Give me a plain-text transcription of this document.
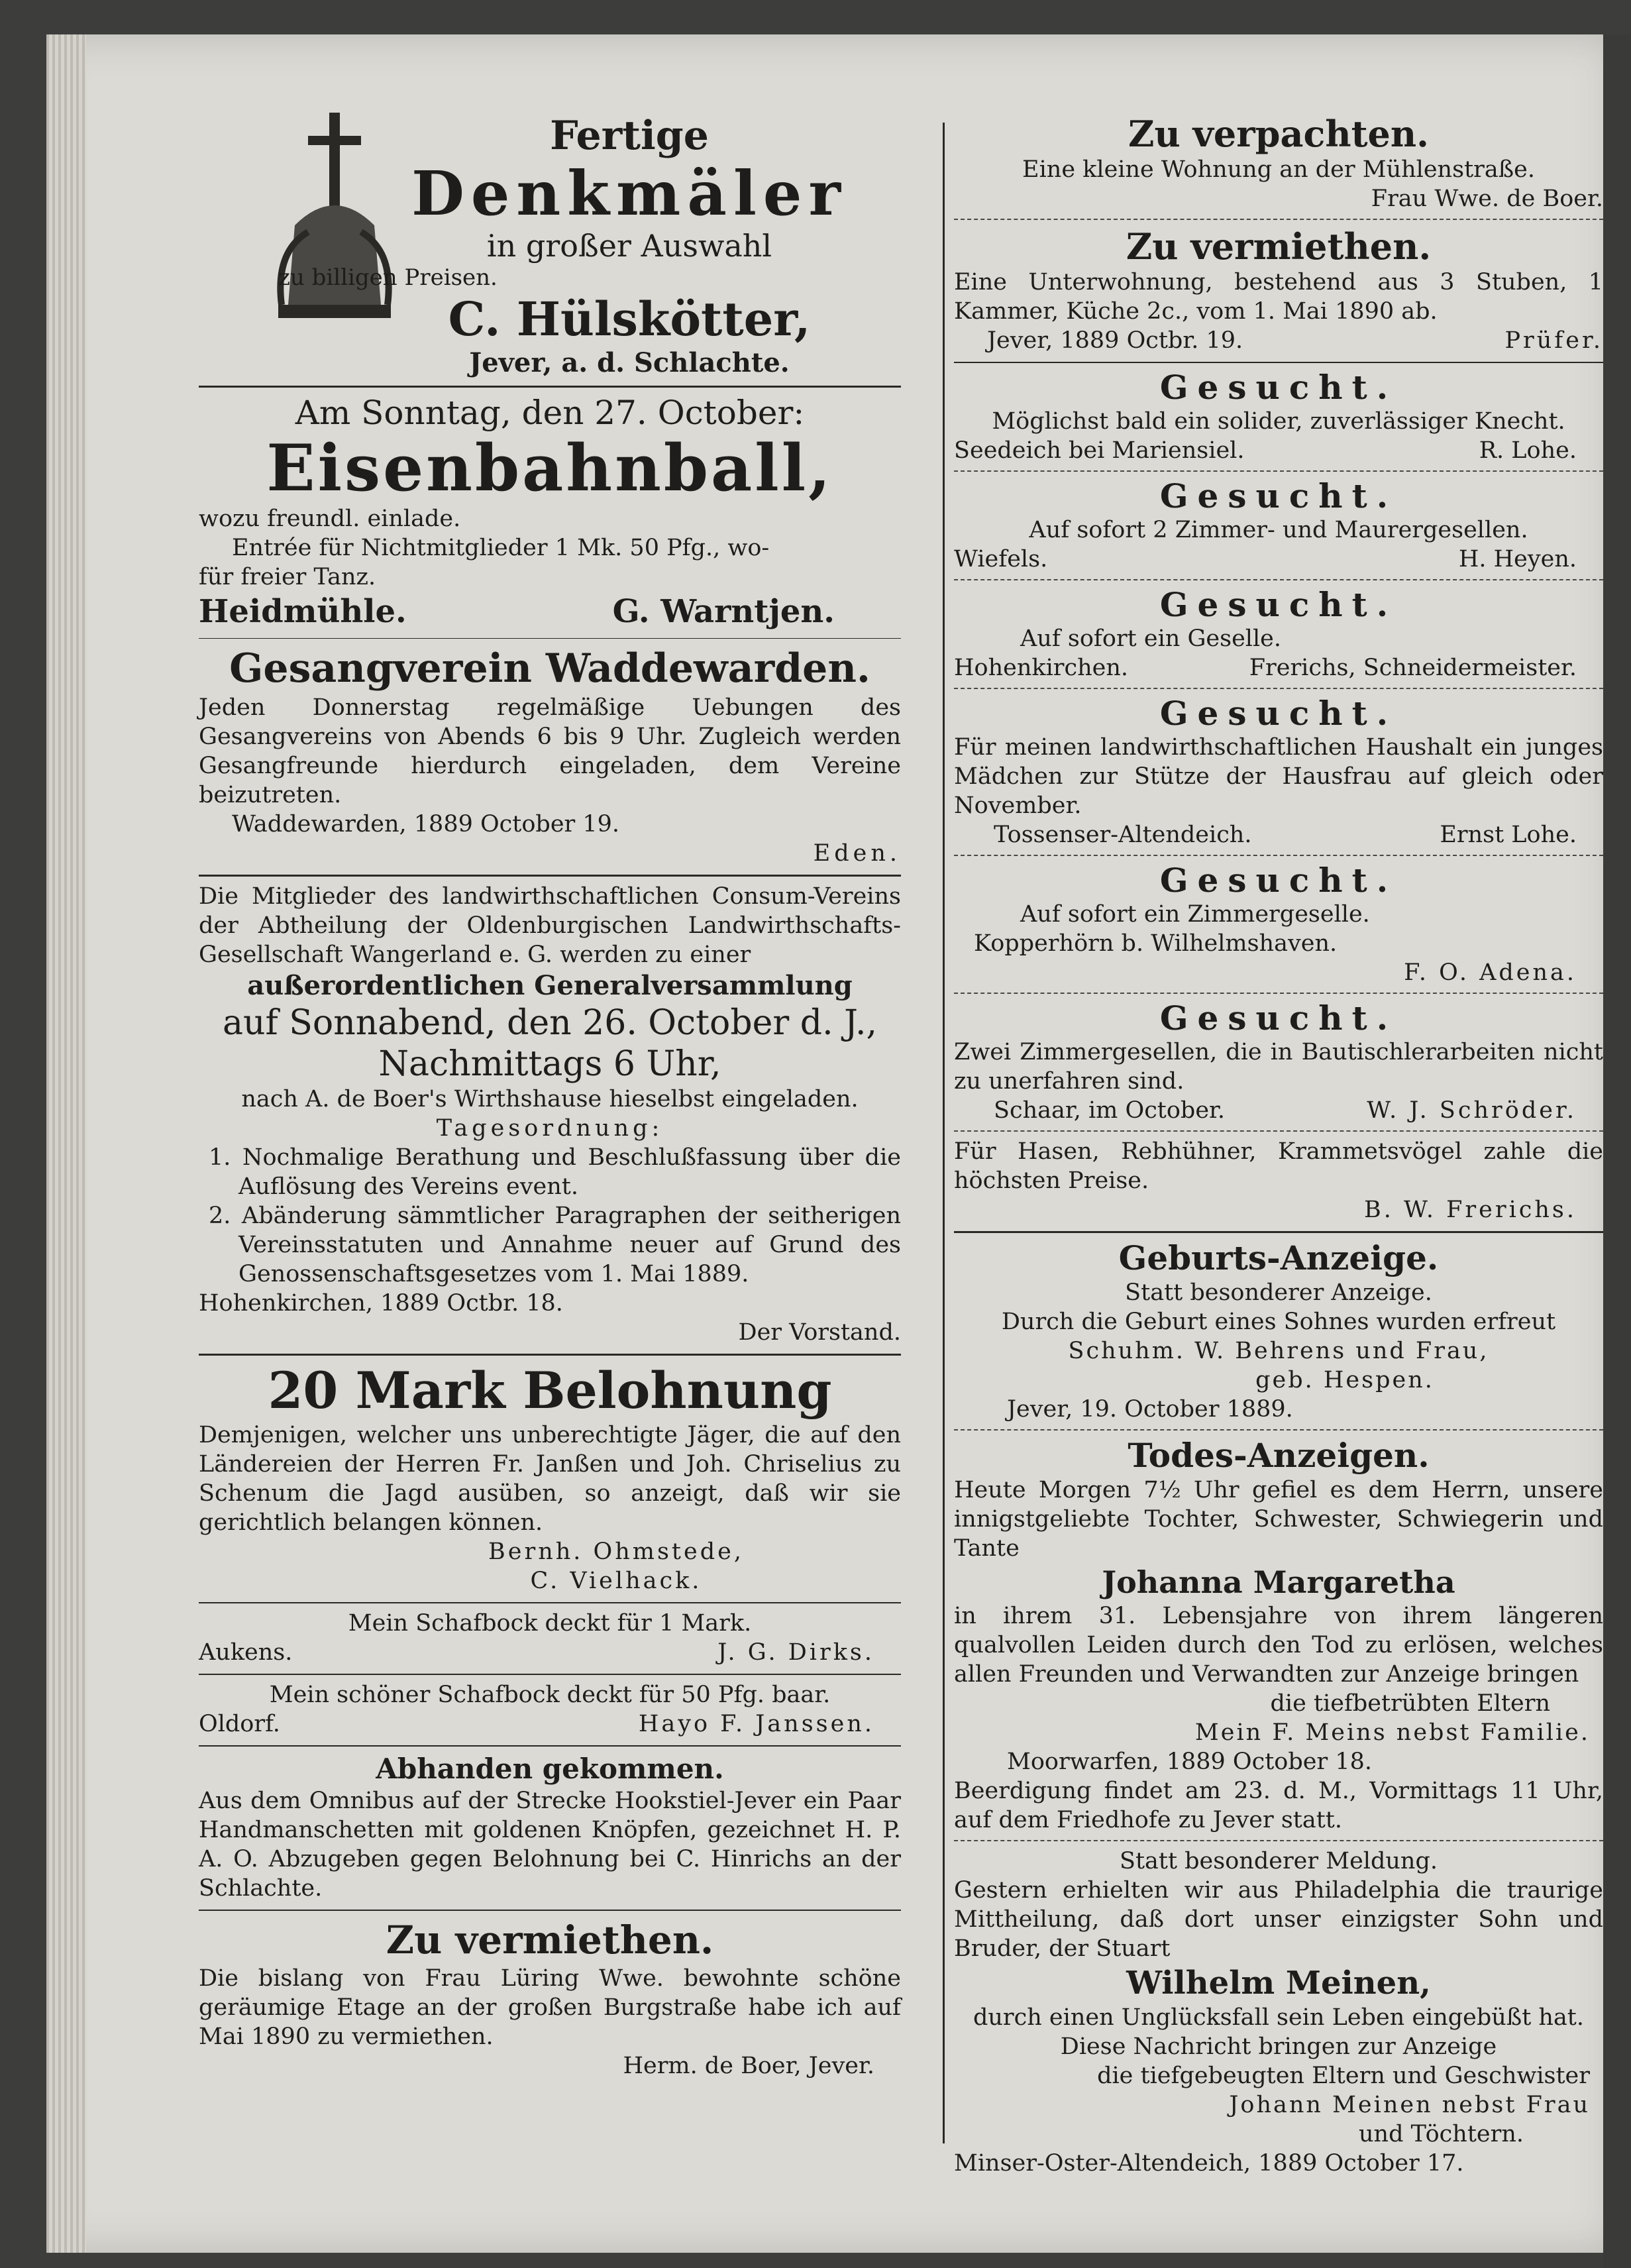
Fertige
Denkmäler
in großer Auswahl
zu billigen Preisen.
C. Hülskötter,
Jever, a. d. Schlachte.
Am Sonntag, den 27. October:
Eisenbahnball,

wozu freundl. einlade.

Entrée für Nichtmitglieder 1 Mk. 50 Pfg., wo-

für freier Tanz.

Heidmühle.	G. Warntjen.
Gesangverein Waddewarden.

Jeden Donnerstag regelmäßige Uebungen des Gesangvereins von Abends 6 bis 9 Uhr. Zugleich werden Gesangfreunde hierdurch eingeladen, dem Vereine beizutreten.

Waddewarden, 1889 October 19.

Eden.

Die Mitglieder des landwirthschaftlichen Consum-Vereins der Abtheilung der Oldenburgischen Landwirthschafts-Gesellschaft Wangerland e. G. werden zu einer

außerordentlichen Generalversammlung
auf Sonnabend, den 26. October d. J.,
Nachmittags 6 Uhr,

nach A. de Boer's Wirthshause hieselbst eingeladen.

Tagesordnung:

1. Nochmalige Berathung und Beschlußfassung über die Auflösung des Vereins event.

2. Abänderung sämmtlicher Paragraphen der seitherigen Vereinsstatuten und Annahme neuer auf Grund des Genossenschaftsgesetzes vom 1. Mai 1889.

Hohenkirchen, 1889 Octbr. 18.

Der Vorstand.

20 Mark Belohnung

Demjenigen, welcher uns unberechtigte Jäger, die auf den Ländereien der Herren Fr. Janßen und Joh. Chriselius zu Schenum die Jagd ausüben, so anzeigt, daß wir sie gerichtlich belangen können.

Bernh. Ohmstede,

C. Vielhack.

Mein Schafbock deckt für 1 Mark.

Aukens.	J. G. Dirks.

Mein schöner Schafbock deckt für 50 Pfg. baar.

Oldorf.	Hayo F. Janssen.
Abhanden gekommen.

Aus dem Omnibus auf der Strecke Hookstiel-Jever ein Paar Handmanschetten mit goldenen Knöpfen, gezeichnet H. P. A. O. Abzugeben gegen Belohnung bei C. Hinrichs an der Schlachte.

Zu vermiethen.

Die bislang von Frau Lüring Wwe. bewohnte schöne geräumige Etage an der großen Burgstraße habe ich auf Mai 1890 zu vermiethen.

Herm. de Boer, Jever.

Zu verpachten.

Eine kleine Wohnung an der Mühlenstraße.

Frau Wwe. de Boer.

Zu vermiethen.

Eine Unterwohnung, bestehend aus 3 Stuben, 1 Kammer, Küche 2c., vom 1. Mai 1890 ab.

Jever, 1889 Octbr. 19.	Prüfer.
Gesucht.

Möglichst bald ein solider, zuverlässiger Knecht.

Seedeich bei Mariensiel.	R. Lohe.
Gesucht.

Auf sofort 2 Zimmer- und Maurergesellen.

Wiefels.	H. Heyen.
Gesucht.

Auf sofort ein Geselle.

Hohenkirchen.	Frerichs, Schneidermeister.
Gesucht.

Für meinen landwirthschaftlichen Haushalt ein junges Mädchen zur Stütze der Hausfrau auf gleich oder November.

Tossenser-Altendeich.	Ernst Lohe.
Gesucht.

Auf sofort ein Zimmergeselle.

Kopperhörn b. Wilhelmshaven.

F. O. Adena.

Gesucht.

Zwei Zimmergesellen, die in Bautischlerarbeiten nicht zu unerfahren sind.

Schaar, im October.	W. J. Schröder.

Für Hasen, Rebhühner, Krammetsvögel zahle die höchsten Preise.

B. W. Frerichs.

Geburts-Anzeige.

Statt besonderer Anzeige.

Durch die Geburt eines Sohnes wurden erfreut

Schuhm. W. Behrens und Frau,

geb. Hespen.

Jever, 19. October 1889.

Todes-Anzeigen.

Heute Morgen 7½ Uhr gefiel es dem Herrn, unsere innigstgeliebte Tochter, Schwester, Schwiegerin und Tante

Johanna Margaretha

in ihrem 31. Lebensjahre von ihrem längeren qualvollen Leiden durch den Tod zu erlösen, welches allen Freunden und Verwandten zur Anzeige bringen

die tiefbetrübten Eltern

Mein F. Meins nebst Familie.

Moorwarfen, 1889 October 18.

Beerdigung findet am 23. d. M., Vormittags 11 Uhr, auf dem Friedhofe zu Jever statt.

Statt besonderer Meldung.

Gestern erhielten wir aus Philadelphia die traurige Mittheilung, daß dort unser einzigster Sohn und Bruder, der Stuart

Wilhelm Meinen,

durch einen Unglücksfall sein Leben eingebüßt hat.

Diese Nachricht bringen zur Anzeige

die tiefgebeugten Eltern und Geschwister

Johann Meinen nebst Frau

und Töchtern.

Minser-Oster-Altendeich, 1889 October 17.
